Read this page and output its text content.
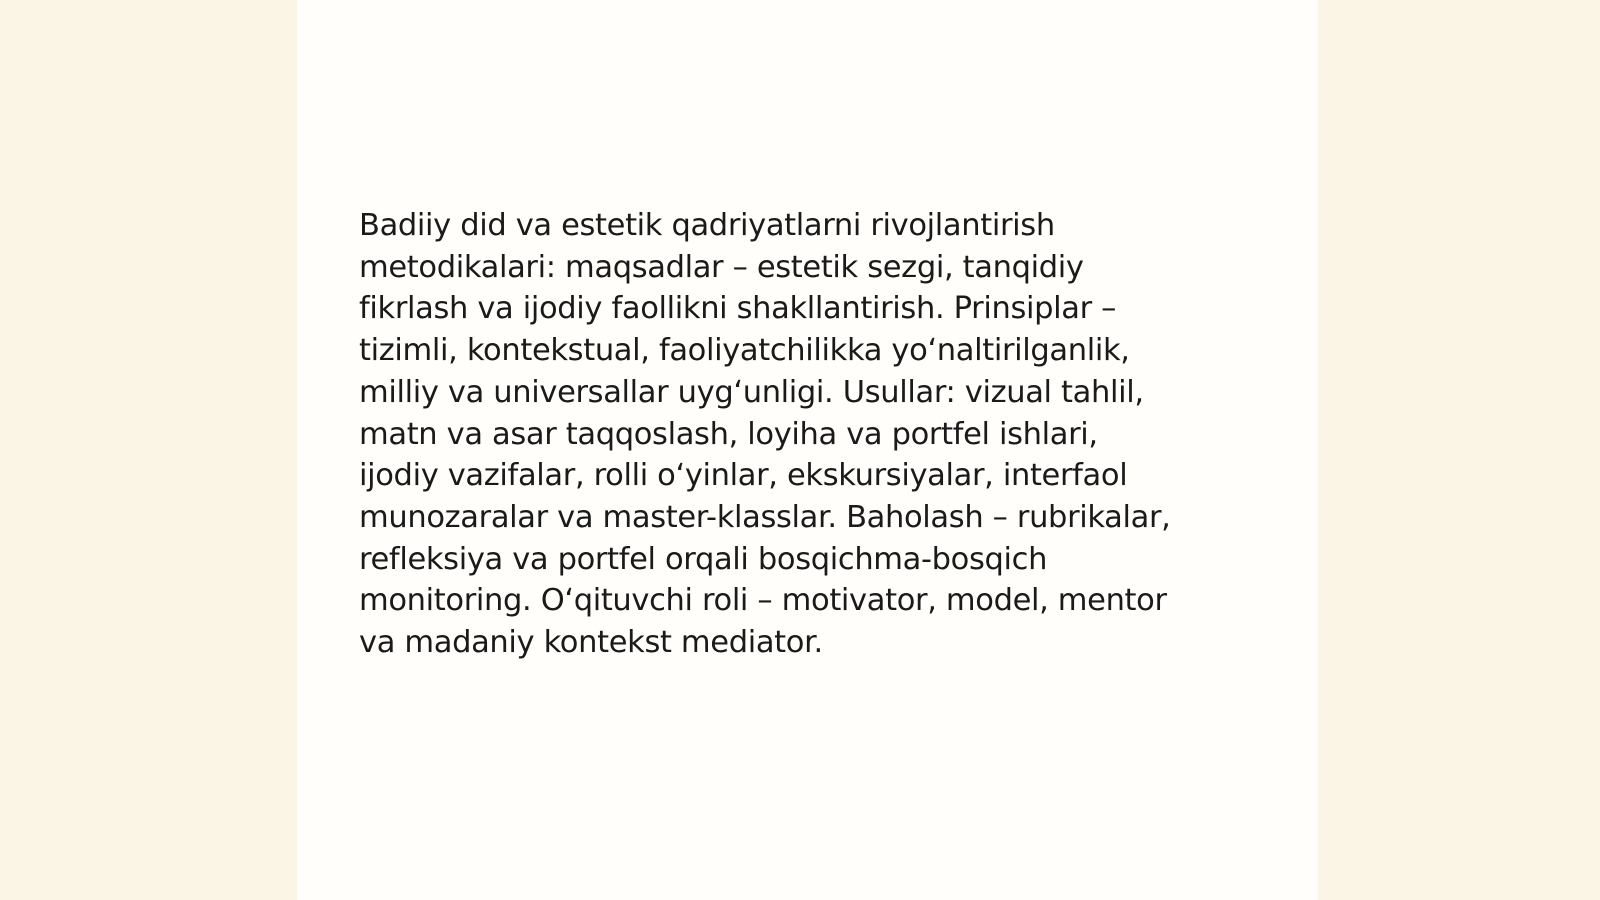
Badiiy did va estetik qadriyatlarni rivojlantirish
metodikalari: maqsadlar – estetik sezgi, tanqidiy
fikrlash va ijodiy faollikni shakllantirish. Prinsiplar –
tizimli, kontekstual, faoliyatchilikka yoʻnaltirilganlik,
milliy va universallar uygʻunligi. Usullar: vizual tahlil,
matn va asar taqqoslash, loyiha va portfel ishlari,
ijodiy vazifalar, rolli oʻyinlar, ekskursiyalar, interfaol
munozaralar va master-klasslar. Baholash – rubrikalar,
refleksiya va portfel orqali bosqichma-bosqich
monitoring. Oʻqituvchi roli – motivator, model, mentor
va madaniy kontekst mediator.
